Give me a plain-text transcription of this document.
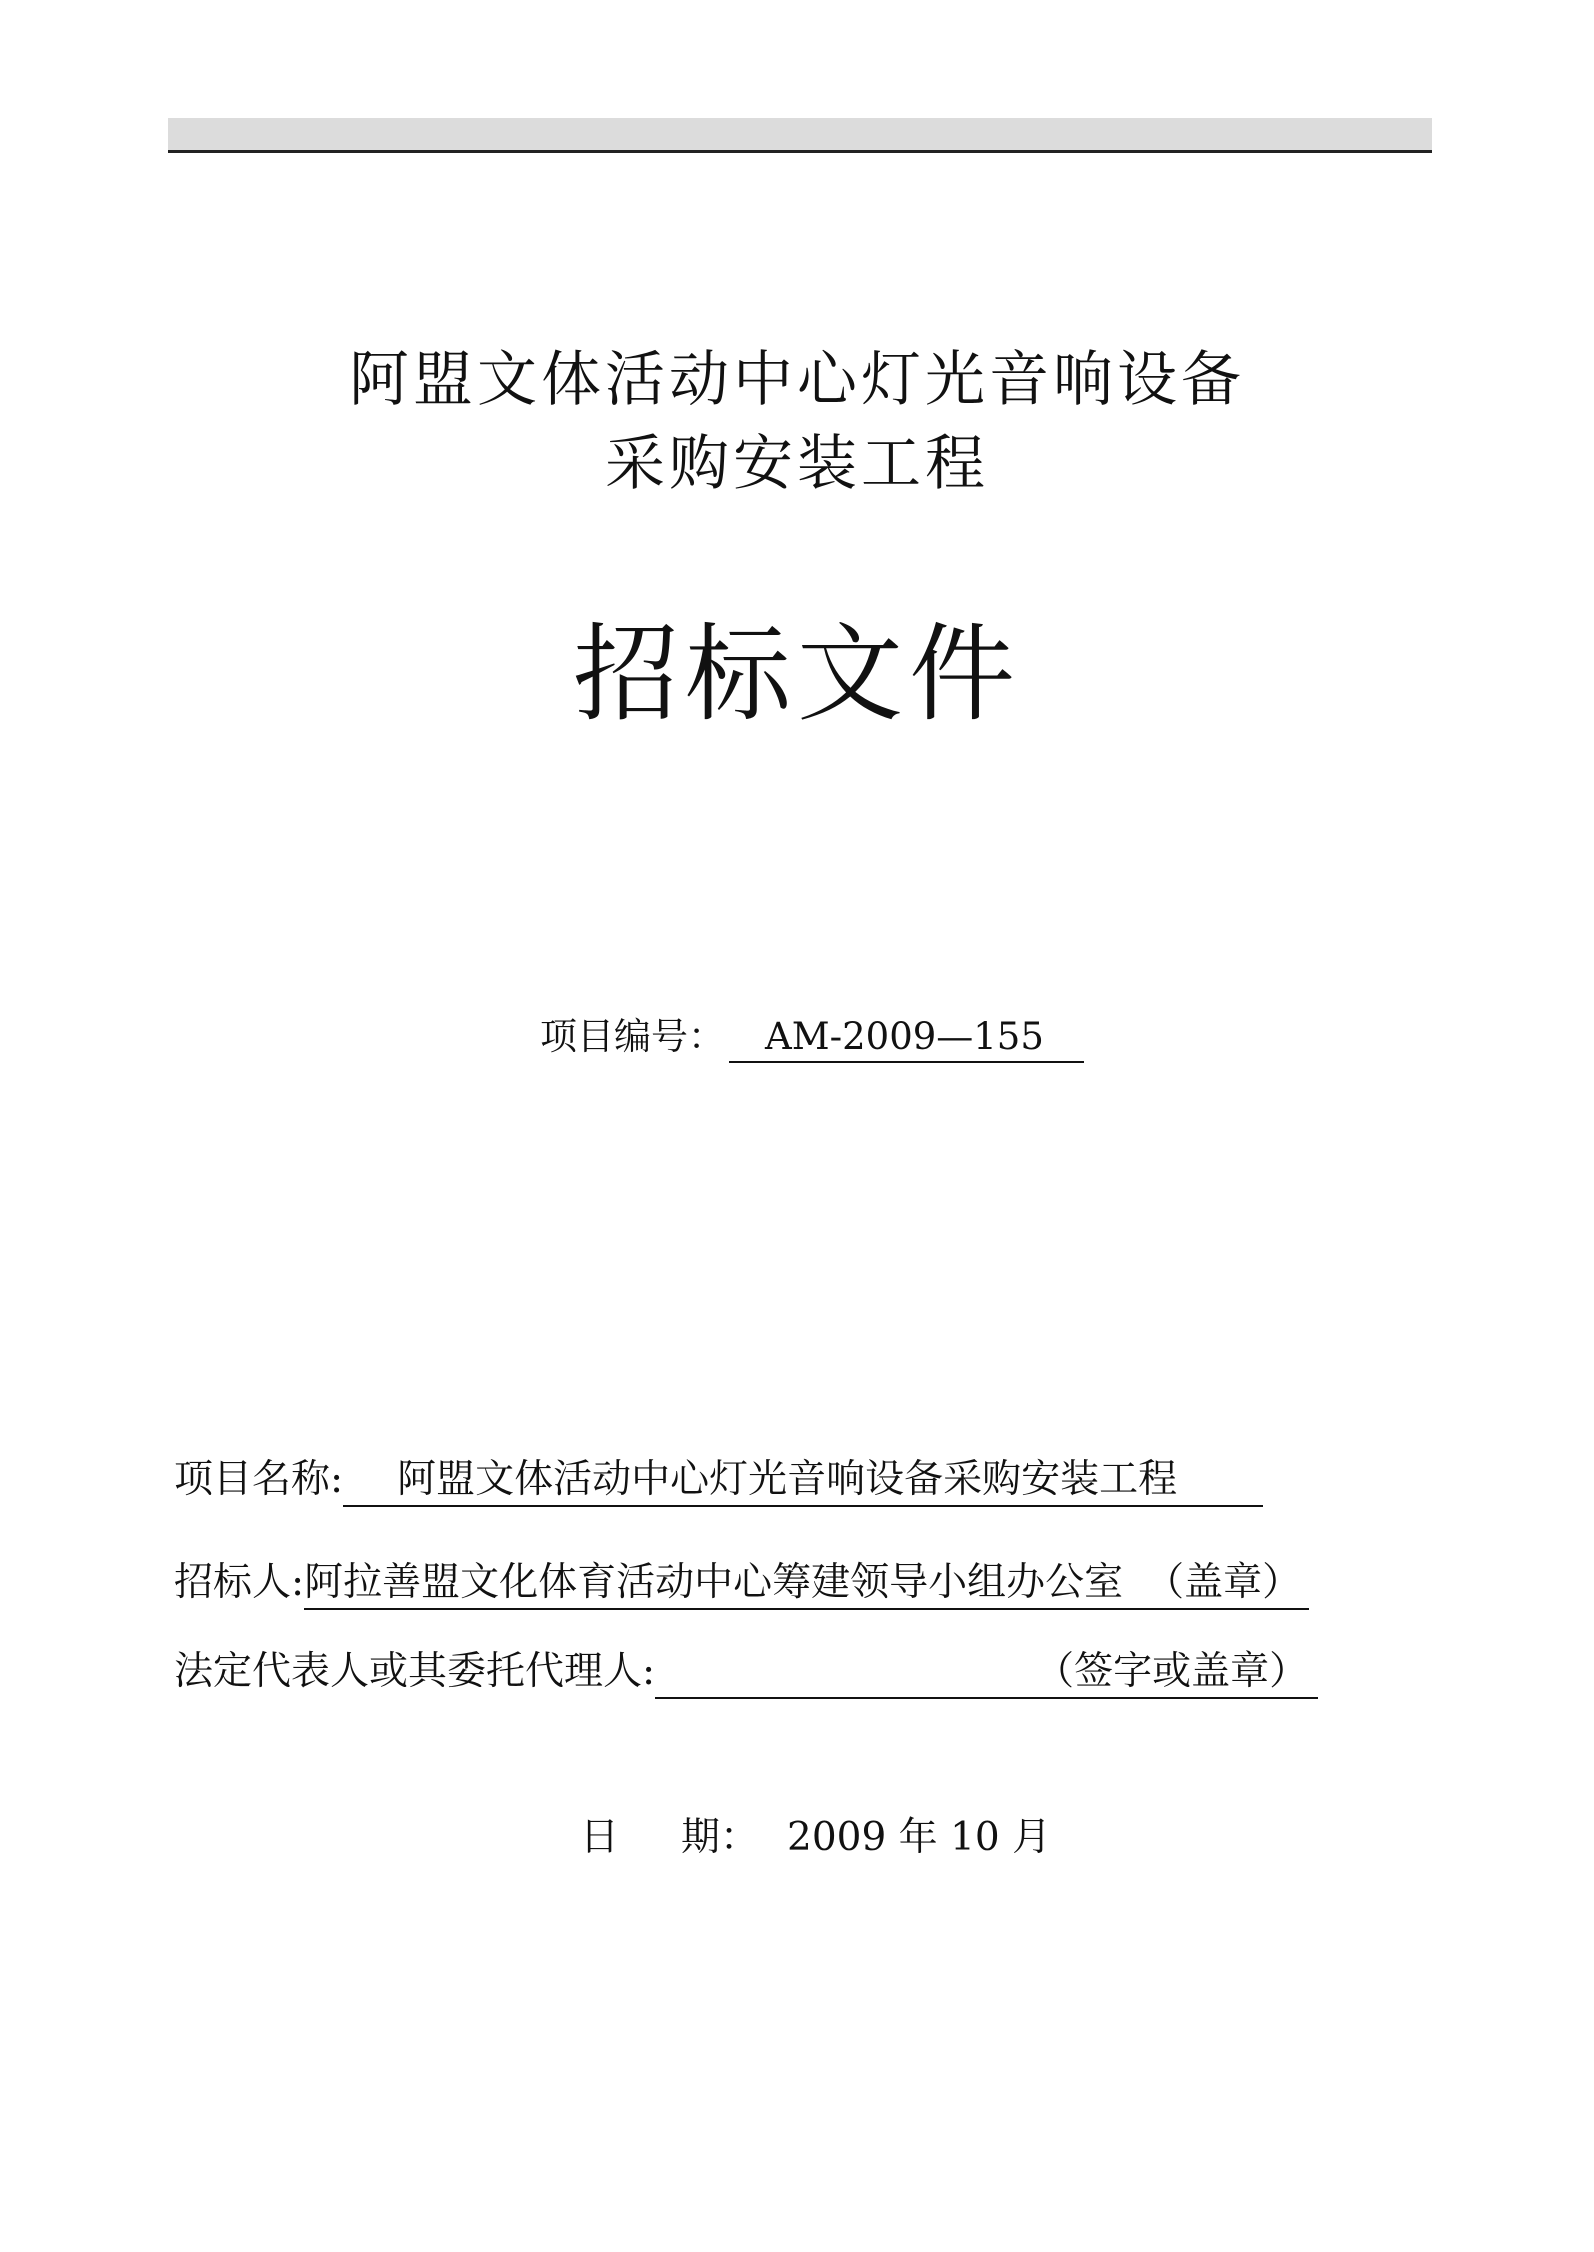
阿盟文体活动中心灯光音响设备
采购安装工程
招标文件
项目编号： AM-2009—155
项目名称: 阿盟文体活动中心灯光音响设备采购安装工程
招标人:阿拉善盟文化体育活动中心筹建领导小组办公室 （盖章）
法定代表人或其委托代理人:	（签字或盖章）
日 期： 2009 年 10 月
